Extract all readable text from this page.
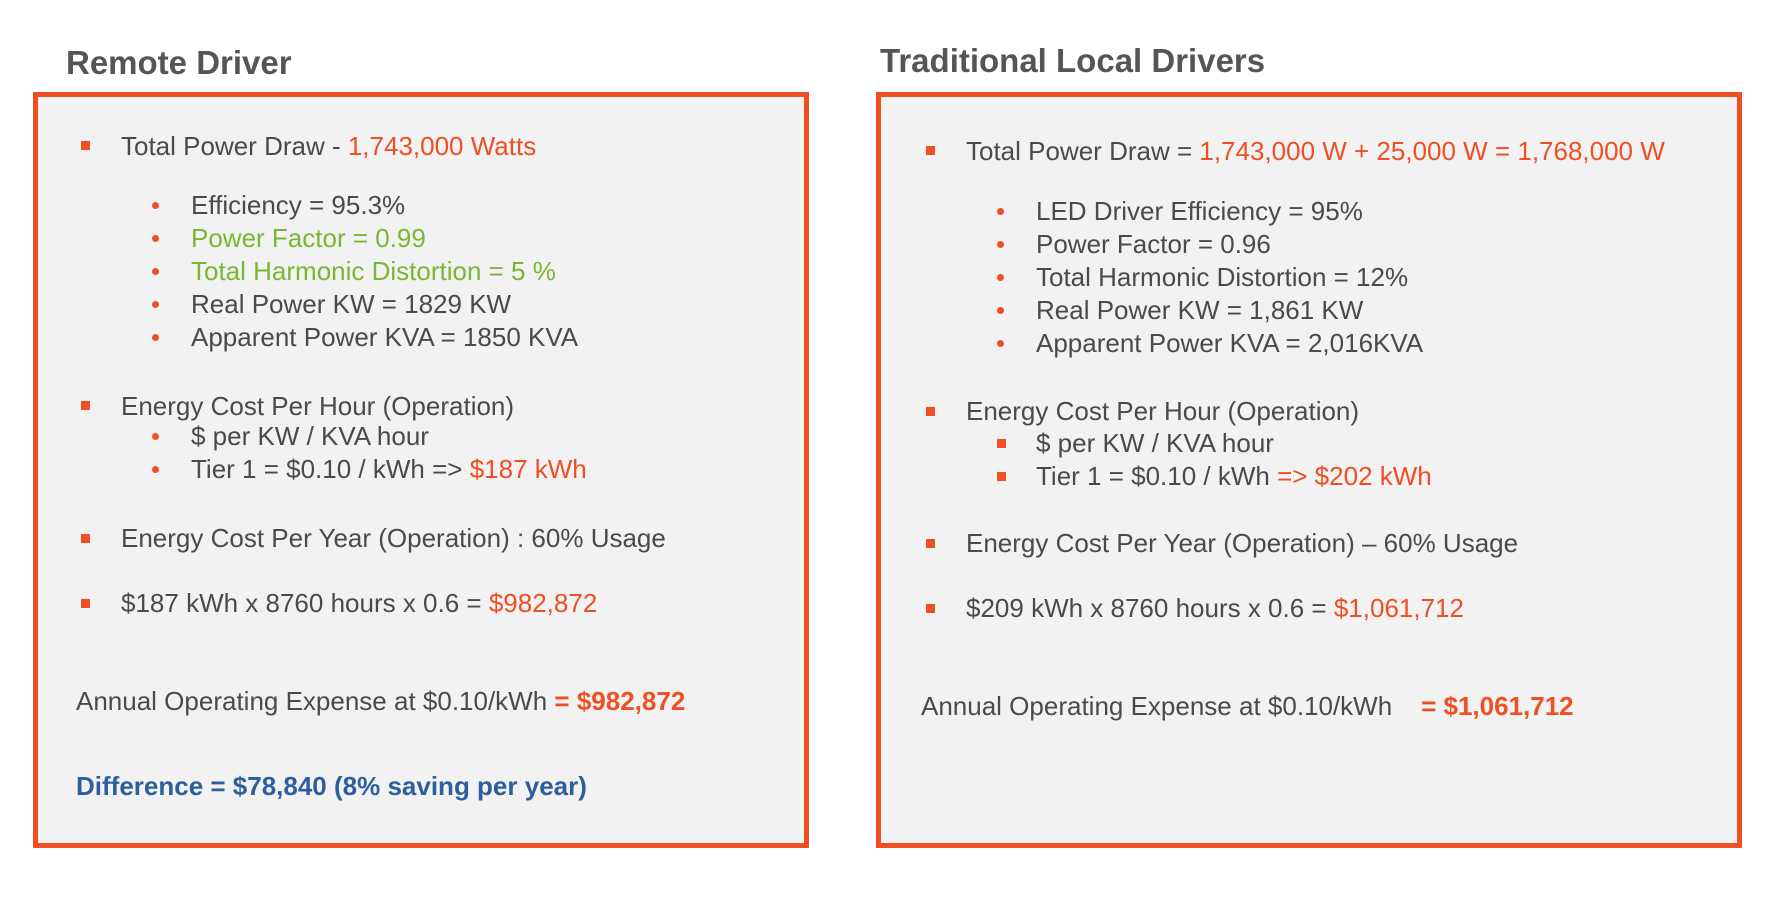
Remote Driver
Total Power Draw - 1,743,000 Watts
Efficiency = 95.3%
Power Factor = 0.99
Total Harmonic Distortion = 5 %
Real Power KW = 1829 KW
Apparent Power KVA = 1850 KVA
Energy Cost Per Hour (Operation)
$ per KW / KVA hour
Tier 1 = $0.10 / kWh => $187 kWh
Energy Cost Per Year (Operation) : 60% Usage
$187 kWh x 8760 hours x 0.6 = $982,872
Annual Operating Expense at $0.10/kWh = $982,872
Difference = $78,840 (8% saving per year)
Traditional Local Drivers
Total Power Draw = 1,743,000 W + 25,000 W = 1,768,000 W
LED Driver Efficiency = 95%
Power Factor = 0.96
Total Harmonic Distortion = 12%
Real Power KW = 1,861 KW
Apparent Power KVA = 2,016KVA
Energy Cost Per Hour (Operation)
$ per KW / KVA hour
Tier 1 = $0.10 / kWh => $202 kWh
Energy Cost Per Year (Operation) – 60% Usage
$209 kWh x 8760 hours x 0.6 = $1,061,712
Annual Operating Expense at $0.10/kWh    = $1,061,712
